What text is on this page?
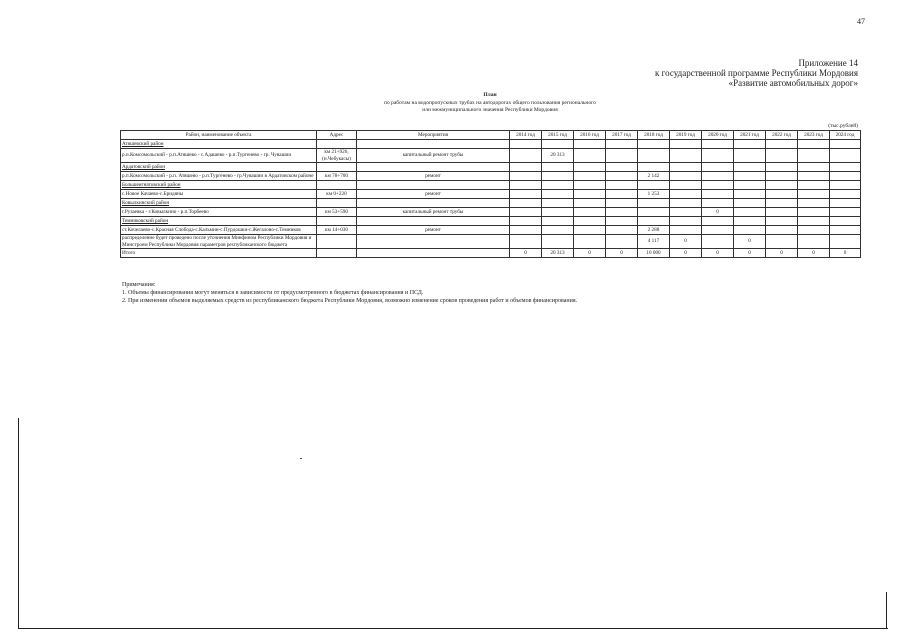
47
Приложение 14
к государственной программе Республики Мордовия
«Развитие автомобильных дорог»
План
по работам на водопропускных трубах на автодорогах общего пользования регионального
или межмуниципального значения Республики Мордовия
(тыс.рублей)
Район, наименование объекта	Адрес	Мероприятия	2014 год	2015 год	2016 год	2017 год	2018 год	2019 год	2020 год	2021 год	2022 год	2023 год	2024 год
Атяшевский район													
р.п.Комсомольский - р.п.Атяшево - с.Адашево - р.п.Тургенево - гр. Чувашии	км 21+926, (н.Чебукасы)	капитальный ремонт трубы		20 313									
Ардатовский район													
р.п.Комсомольский - р.п. Атяшево - р.п.Тургенево - гр.Чувашии в Ардатовском районе	км 78+700	ремонт					2 142						
Большеигнатовский район													
с.Новое Качаево-с.Бридяны	км 0+220	ремонт					1 253						
Ковылкинский район													
г.Рузаевка - г.Ковылкино - р.п.Торбеево	км 53+590	капитальный ремонт трубы							0				
Темниковский район													
ст.Кочелаево-с.Красная Слобода-с.Кальмин-с.Пурдошки-с.Жегалово-с.Темников	км 14+030	ремонт					2 288						
распределение будет проведено после уточнения Минфином Республики Мордовия и Минстроем Республики Мордовия параметров республиканского бюджета							4 117	0		0			
Итого			0	20 313	0	0	10 000	0	0	0	0	0	0
Примечания:
1. Объемы финансирования могут меняться в зависимости от предусмотренного в бюджетах финансирования и ПСД.
2. При изменении объемов выделяемых средств из республиканского бюджета Республики Мордовия, возможно изменение сроков проведения работ и объемов финансирования.
